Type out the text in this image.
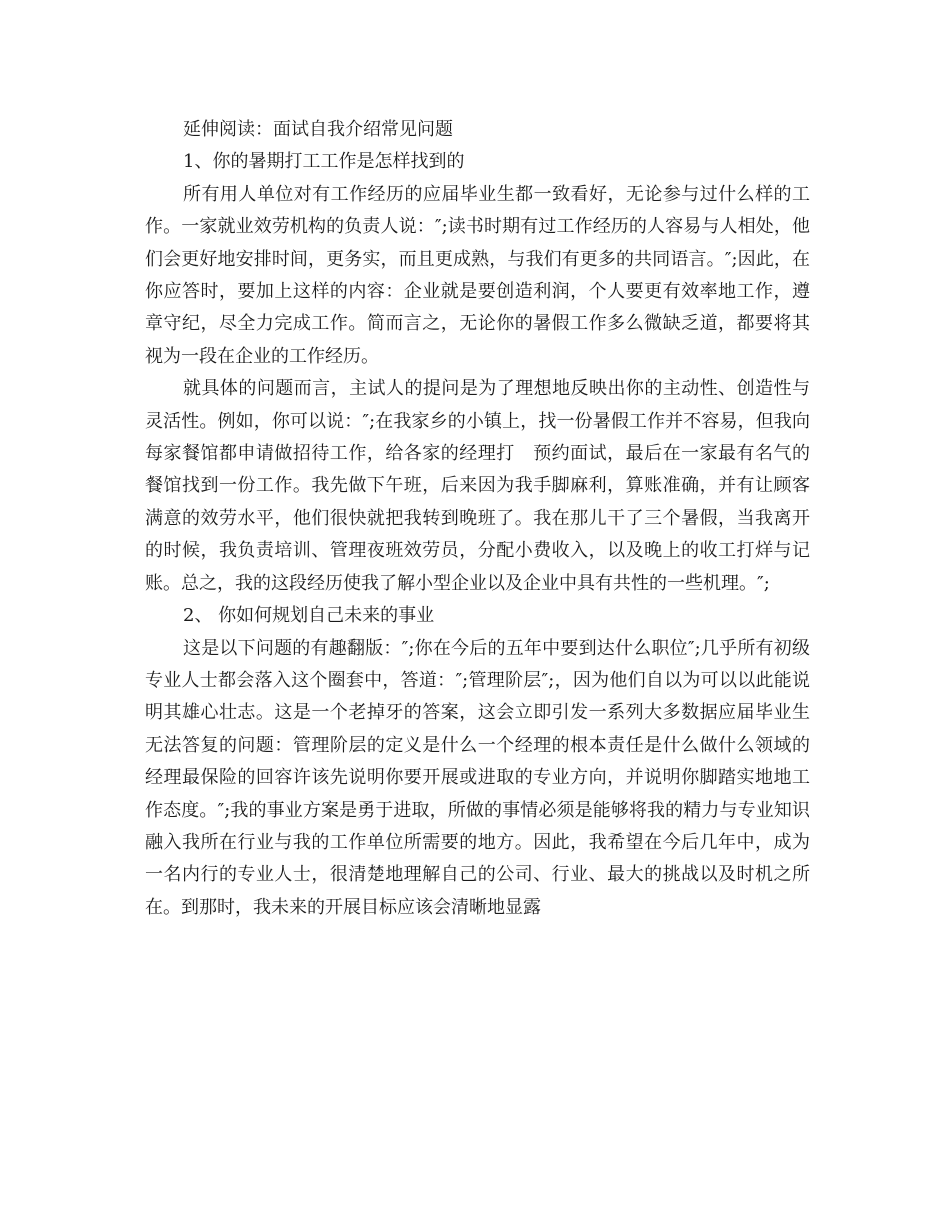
延伸阅读：面试自我介绍常见问题

1、你的暑期打工工作是怎样找到的

所有用人单位对有工作经历的应届毕业生都一致看好，无论参与过什么样的工作。一家就业效劳机构的负责人说：″;读书时期有过工作经历的人容易与人相处，他们会更好地安排时间，更务实，而且更成熟，与我们有更多的共同语言。″;因此，在你应答时，要加上这样的内容：企业就是要创造利润，个人要更有效率地工作，遵章守纪，尽全力完成工作。简而言之，无论你的暑假工作多么微缺乏道，都要将其视为一段在企业的工作经历。

就具体的问题而言，主试人的提问是为了理想地反映出你的主动性、创造性与灵活性。例如，你可以说：″;在我家乡的小镇上，找一份暑假工作并不容易，但我向每家餐馆都申请做招待工作，给各家的经理打　预约面试，最后在一家最有名气的餐馆找到一份工作。我先做下午班，后来因为我手脚麻利，算账准确，并有让顾客满意的效劳水平，他们很快就把我转到晚班了。我在那儿干了三个暑假，当我离开的时候，我负责培训、管理夜班效劳员，分配小费收入，以及晚上的收工打烊与记账。总之，我的这段经历使我了解小型企业以及企业中具有共性的一些机理。″;

2、 你如何规划自己未来的事业

这是以下问题的有趣翻版：″;你在今后的五年中要到达什么职位″;几乎所有初级专业人士都会落入这个圈套中，答道：″;管理阶层″;，因为他们自以为可以以此能说明其雄心壮志。这是一个老掉牙的答案，这会立即引发一系列大多数据应届毕业生无法答复的问题：管理阶层的定义是什么一个经理的根本责任是什么做什么领域的经理最保险的回容许该先说明你要开展或进取的专业方向，并说明你脚踏实地地工作态度。″;我的事业方案是勇于进取，所做的事情必须是能够将我的精力与专业知识融入我所在行业与我的工作单位所需要的地方。因此，我希望在今后几年中，成为一名内行的专业人士，很清楚地理解自己的公司、行业、最大的挑战以及时机之所在。到那时，我未来的开展目标应该会清晰地显露
